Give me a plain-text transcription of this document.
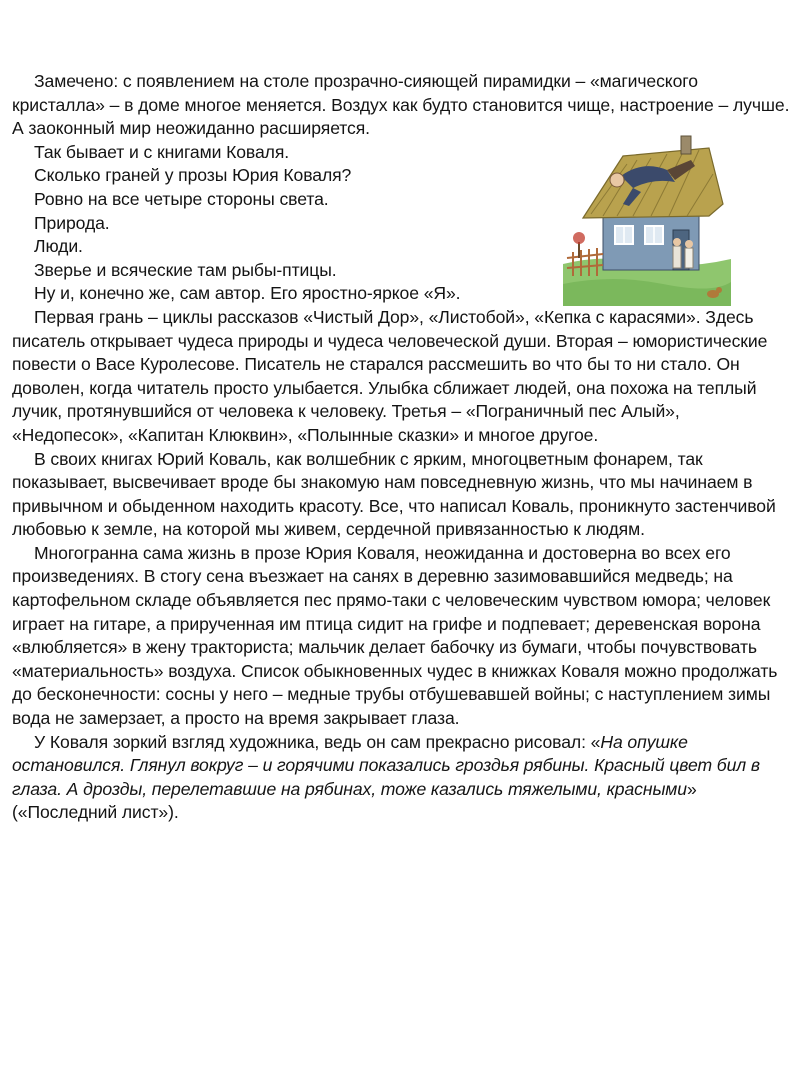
Замечено: с появлением на столе прозрачно-сияющей пирамидки – «магического кристалла» – в доме многое меняется. Воздух как будто становится чище, настроение – лучше. А заоконный мир неожиданно расширяется.

Так бывает и с книгами Коваля.

Сколько граней у прозы Юрия Коваля?

Ровно на все четыре стороны света.

Природа.

Люди.

Зверье и всяческие там рыбы-птицы.

Ну и, конечно же, сам автор. Его яростно-яркое «Я».

Первая грань – циклы рассказов «Чистый Дор», «Листобой», «Кепка с карасями». Здесь писатель открывает чудеса природы и чудеса человеческой души. Вторая – юмористические повести о Васе Куролесове. Писатель не старался рассмешить во что бы то ни стало. Он доволен, когда читатель просто улыбается. Улыбка сближает людей, она похожа на теплый лучик, протянувшийся от человека к человеку. Третья – «Пограничный пес Алый», «Недопесок», «Капитан Клюквин», «Полынные сказки» и многое другое.

В своих книгах Юрий Коваль, как волшебник с ярким, многоцветным фонарем, так показывает, высвечивает вроде бы знакомую нам повседневную жизнь, что мы начинаем в привычном и обыденном находить красоту. Все, что написал Коваль, проникнуто застенчивой любовью к земле, на которой мы живем, сердечной привязанностью к людям.

Многогранна сама жизнь в прозе Юрия Коваля, неожиданна и достоверна во всех его произведениях. В стогу сена въезжает на санях в деревню зазимовавшийся медведь; на картофельном складе объявляется пес прямо-таки с человеческим чувством юмора; человек играет на гитаре, а прирученная им птица сидит на грифе и подпевает; деревенская ворона «влюбляется» в жену тракториста; мальчик делает бабочку из бумаги, чтобы почувствовать «материальность» воздуха. Список обыкновенных чудес в книжках Коваля можно продолжать до бесконечности: сосны у него – медные трубы отбушевавшей войны; с наступлением зимы вода не замерзает, а просто на время закрывает глаза.

У Коваля зоркий взгляд художника, ведь он сам прекрасно рисовал: «На опушке остановился. Глянул вокруг – и горячими показались гроздья рябины. Красный цвет бил в глаза. А дрозды, перелетавшие на рябинах, тоже казались тяжелыми, красными» («Последний лист»).
